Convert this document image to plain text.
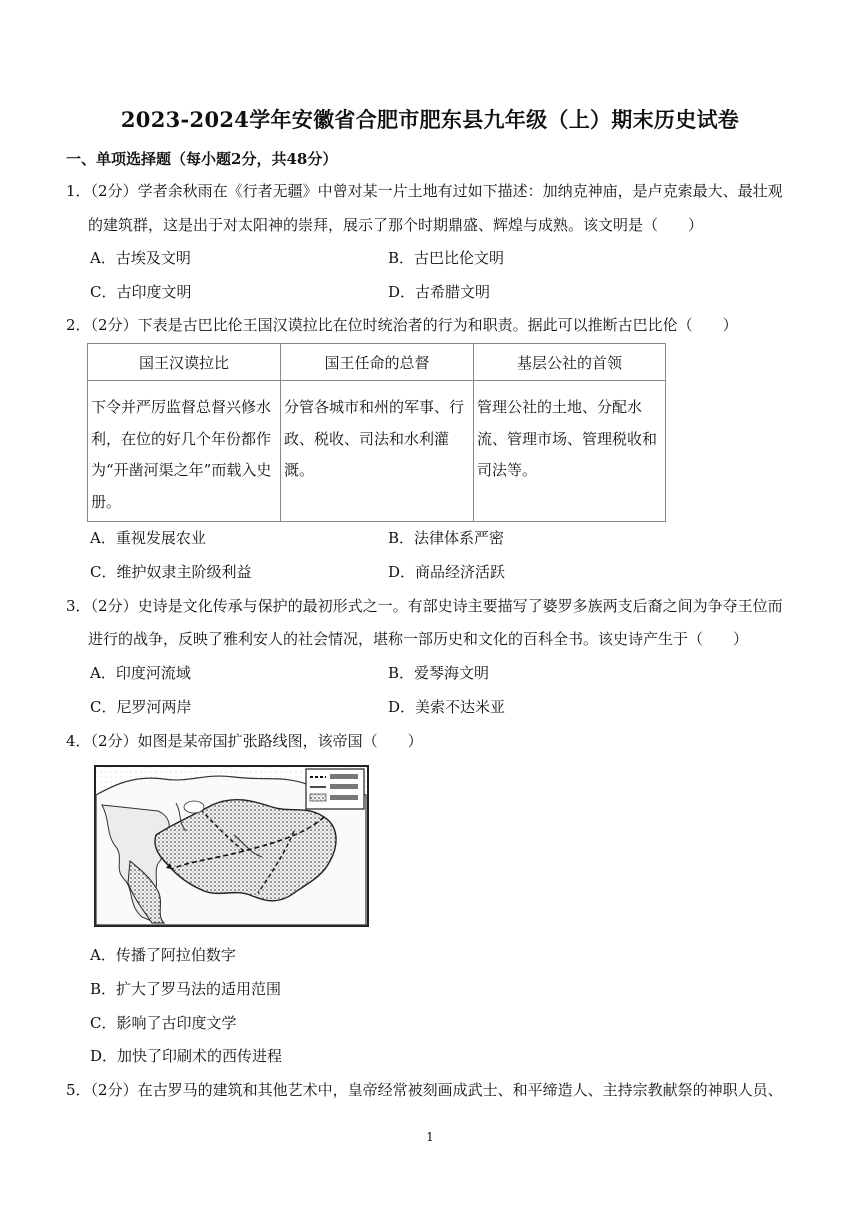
2023-2024学年安徽省合肥市肥东县九年级（上）期末历史试卷
一、单项选择题（每小题2分，共48分）
1．（2分）学者余秋雨在《行者无疆》中曾对某一片土地有过如下描述：加纳克神庙，是卢克索最大、最壮观
的建筑群，这是出于对太阳神的崇拜，展示了那个时期鼎盛、辉煌与成熟。该文明是（　　）
A．古埃及文明	B．古巴比伦文明
C．古印度文明	D．古希腊文明
2．（2分）下表是古巴比伦王国汉谟拉比在位时统治者的行为和职责。据此可以推断古巴比伦（　　）
国王汉谟拉比	国王任命的总督	基层公社的首领
下令并严厉监督总督兴修水利，在位的好几个年份都作为“开凿河渠之年”而载入史册。	分管各城市和州的军事、行政、税收、司法和水利灌溉。	管理公社的土地、分配水流、管理市场、管理税收和司法等。
A．重视发展农业	B．法律体系严密
C．维护奴隶主阶级利益	D．商品经济活跃
3．（2分）史诗是文化传承与保护的最初形式之一。有部史诗主要描写了婆罗多族两支后裔之间为争夺王位而
进行的战争，反映了雅利安人的社会情况，堪称一部历史和文化的百科全书。该史诗产生于（　　）
A．印度河流域	B．爱琴海文明
C．尼罗河两岸	D．美索不达米亚
4．（2分）如图是某帝国扩张路线图，该帝国（　　）
A．传播了阿拉伯数字
B．扩大了罗马法的适用范围
C．影响了古印度文学
D．加快了印刷术的西传进程
5．（2分）在古罗马的建筑和其他艺术中，皇帝经常被刻画成武士、和平缔造人、主持宗教献祭的神职人员、
1
